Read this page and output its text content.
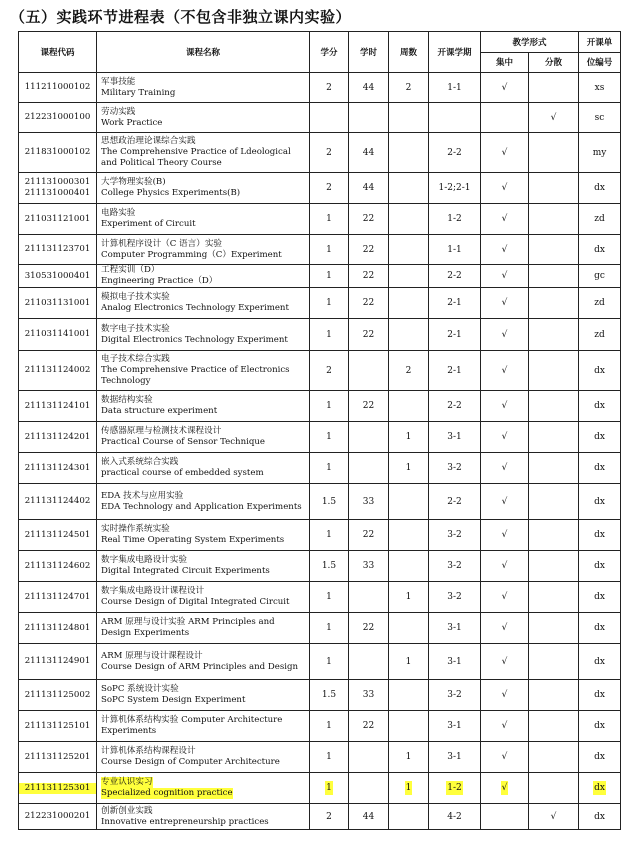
（五）实践环节进程表（不包含非独立课内实验）
课程代码	课程名称	学分	学时	周数	开课学期	教学形式		开课单
						集中	分散	位编号

111211000102	军事技能
Military Training	2	44	2	1-1	√		xs

212231000100	劳动实践
Work Practice						√	sc

211831000102	思想政治理论课综合实践
The Comprehensive Practice of Ldeological and Political Theory Course	2	44		2-2	√		my

211131000301
211131000401	大学物理实验(B)
College Physics Experiments(B)	2	44		1-2;2-1	√		dx

211031121001	电路实验
Experiment of Circuit	1	22		1-2	√		zd

211131123701	计算机程序设计（C 语言）实验
Computer Programming（C）Experiment	1	22		1-1	√		dx

310531000401	工程实训（D）
Engineering Practice（D）	1	22		2-2	√		gc

211031131001	模拟电子技术实验
Analog Electronics Technology Experiment	1	22		2-1	√		zd

211031141001	数字电子技术实验
Digital Electronics Technology Experiment	1	22		2-1	√		zd

211131124002	电子技术综合实践
The Comprehensive Practice of Electronics Technology	2		2	2-1	√		dx

211131124101	数据结构实验
Data structure experiment	1	22		2-2	√		dx

211131124201	传感器原理与检测技术课程设计
Practical Course of Sensor Technique	1		1	3-1	√		dx

211131124301	嵌入式系统综合实践
practical course of embedded system	1		1	3-2	√		dx

211131124402	EDA 技术与应用实验
EDA Technology and Application Experiments	1.5	33		2-2	√		dx

211131124501	实时操作系统实验
Real Time Operating System Experiments	1	22		3-2	√		dx

211131124602	数字集成电路设计实验
Digital Integrated Circuit Experiments	1.5	33		3-2	√		dx

211131124701	数字集成电路设计课程设计
Course Design of Digital Integrated Circuit	1		1	3-2	√		dx

211131124801	ARM 原理与设计实验 ARM Principles and
Design Experiments	1	22		3-1	√		dx

211131124901	ARM 原理与设计课程设计
Course Design of ARM Principles and Design	1		1	3-1	√		dx

211131125002	SoPC 系统设计实验
SoPC System Design Experiment	1.5	33		3-2	√		dx

211131125101	计算机体系结构实验 Computer Architecture
Experiments	1	22		3-1	√		dx

211131125201	计算机体系结构课程设计
Course Design of Computer Architecture	1		1	3-1	√		dx

211131125301	专业认识实习
Specialized cognition practice	1		1	1-2	√		dx

212231000201	创新创业实践
Innovative entrepreneurship practices	2	44		4-2		√	dx
